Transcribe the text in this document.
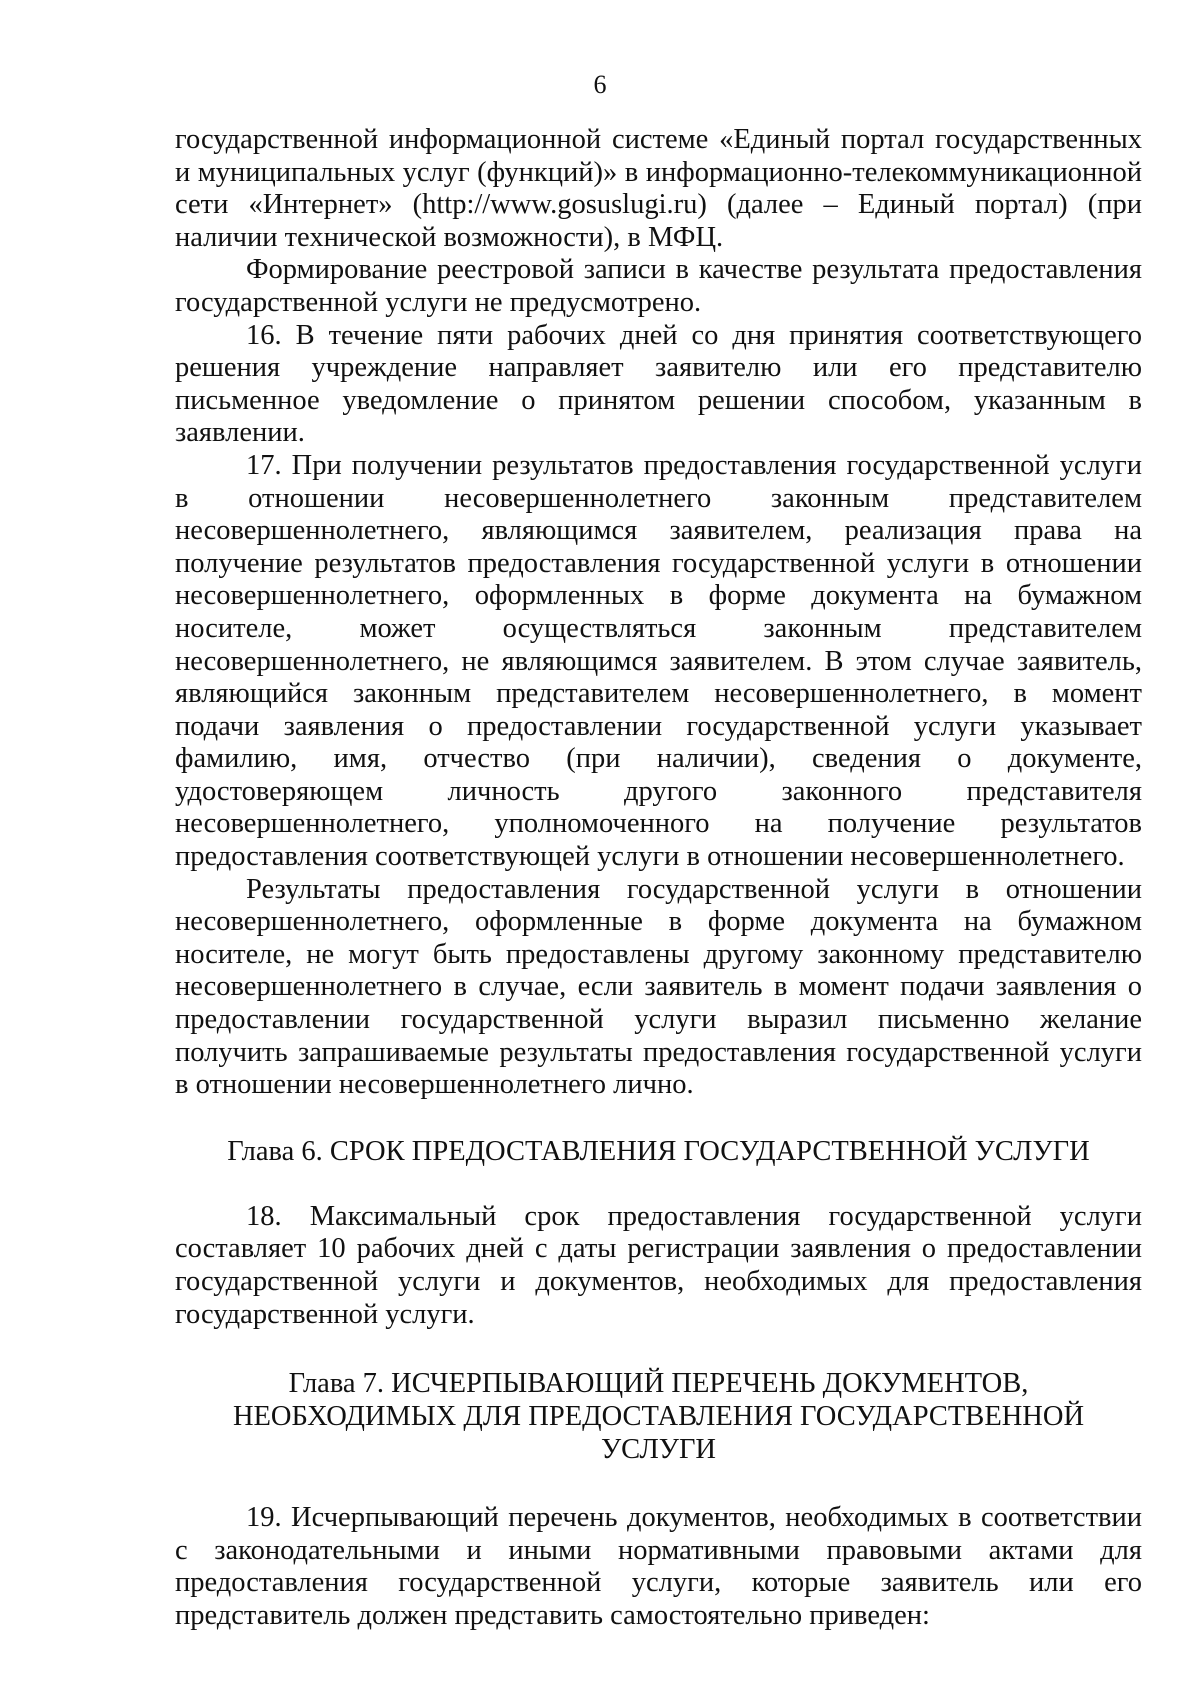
6

государственной информационной системе «Единый портал государственных и муниципальных услуг (функций)» в информационно-телекоммуникационной сети «Интернет» (http://www.gosuslugi.ru) (далее – Единый портал) (при наличии технической возможности), в МФЦ.

Формирование реестровой записи в качестве результата предоставления государственной услуги не предусмотрено.

16. В течение пяти рабочих дней со дня принятия соответствующего решения учреждение направляет заявителю или его представителю письменное уведомление о принятом решении способом, указанным в заявлении.

17. При получении результатов предоставления государственной услуги в отношении несовершеннолетнего законным представителем несовершеннолетнего, являющимся заявителем, реализация права на получение результатов предоставления государственной услуги в отношении несовершеннолетнего, оформленных в форме документа на бумажном носителе, может осуществляться законным представителем несовершеннолетнего, не являющимся заявителем. В этом случае заявитель, являющийся законным представителем несовершеннолетнего, в момент подачи заявления о предоставлении государственной услуги указывает фамилию, имя, отчество (при наличии), сведения о документе, удостоверяющем личность другого законного представителя несовершеннолетнего, уполномоченного на получение результатов предоставления соответствующей услуги в отношении несовершеннолетнего.

Результаты предоставления государственной услуги в отношении несовершеннолетнего, оформленные в форме документа на бумажном носителе, не могут быть предоставлены другому законному представителю несовершеннолетнего в случае, если заявитель в момент подачи заявления о предоставлении государственной услуги выразил письменно желание получить запрашиваемые результаты предоставления государственной услуги в отношении несовершеннолетнего лично.

Глава 6. СРОК ПРЕДОСТАВЛЕНИЯ ГОСУДАРСТВЕННОЙ УСЛУГИ

18. Максимальный срок предоставления государственной услуги составляет 10 рабочих дней с даты регистрации заявления о предоставлении государственной услуги и документов, необходимых для предоставления государственной услуги.

Глава 7. ИСЧЕРПЫВАЮЩИЙ ПЕРЕЧЕНЬ ДОКУМЕНТОВ,
НЕОБХОДИМЫХ ДЛЯ ПРЕДОСТАВЛЕНИЯ ГОСУДАРСТВЕННОЙ
УСЛУГИ

19. Исчерпывающий перечень документов, необходимых в соответствии с законодательными и иными нормативными правовыми актами для предоставления государственной услуги, которые заявитель или его представитель должен представить самостоятельно приведен:
